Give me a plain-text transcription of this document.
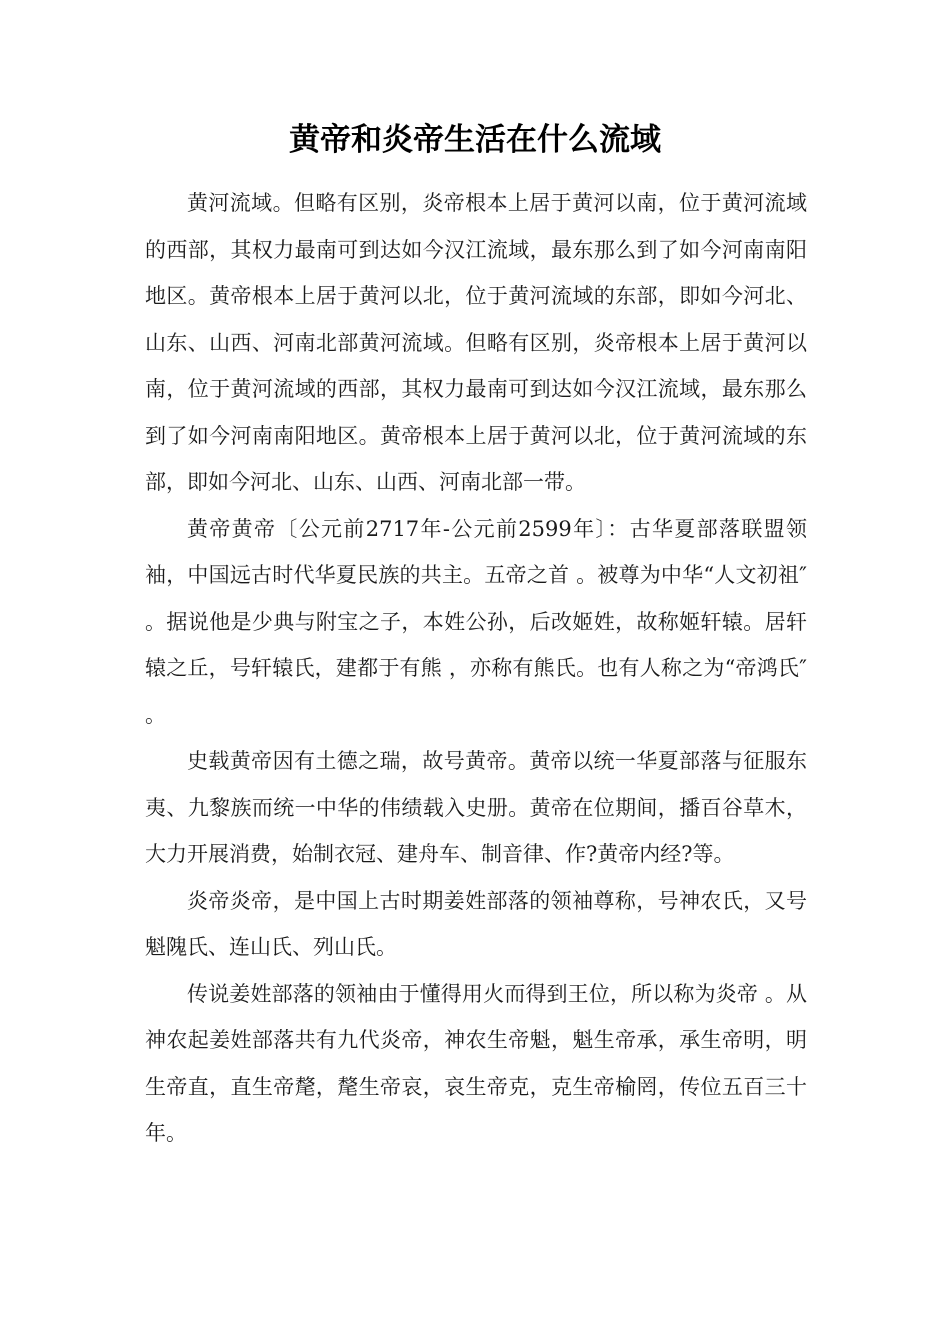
黄帝和炎帝生活在什么流域

黄河流域。但略有区别，炎帝根本上居于黄河以南，位于黄河流域的西部，其权力最南可到达如今汉江流域，最东那么到了如今河南南阳地区。黄帝根本上居于黄河以北，位于黄河流域的东部，即如今河北、山东、山西、河南北部黄河流域。但略有区别，炎帝根本上居于黄河以南，位于黄河流域的西部，其权力最南可到达如今汉江流域，最东那么到了如今河南南阳地区。黄帝根本上居于黄河以北，位于黄河流域的东部，即如今河北、山东、山西、河南北部一带。

黄帝黄帝〔公元前2717年-公元前2599年〕：古华夏部落联盟领袖，中国远古时代华夏民族的共主。五帝之首 。被尊为中华“人文初祖″ 。据说他是少典与附宝之子，本姓公孙，后改姬姓，故称姬轩辕。居轩辕之丘，号轩辕氏，建都于有熊 ，亦称有熊氏。也有人称之为“帝鸿氏″ 。

史载黄帝因有土德之瑞，故号黄帝。黄帝以统一华夏部落与征服东夷、九黎族而统一中华的伟绩载入史册。黄帝在位期间，播百谷草木，大力开展消费，始制衣冠、建舟车、制音律、作?黄帝内经?等。

炎帝炎帝，是中国上古时期姜姓部落的领袖尊称，号神农氏，又号魁隗氏、连山氏、列山氏。

传说姜姓部落的领袖由于懂得用火而得到王位，所以称为炎帝 。从神农起姜姓部落共有九代炎帝，神农生帝魁，魁生帝承，承生帝明，明生帝直，直生帝氂，氂生帝哀，哀生帝克，克生帝榆罔，传位五百三十年。
